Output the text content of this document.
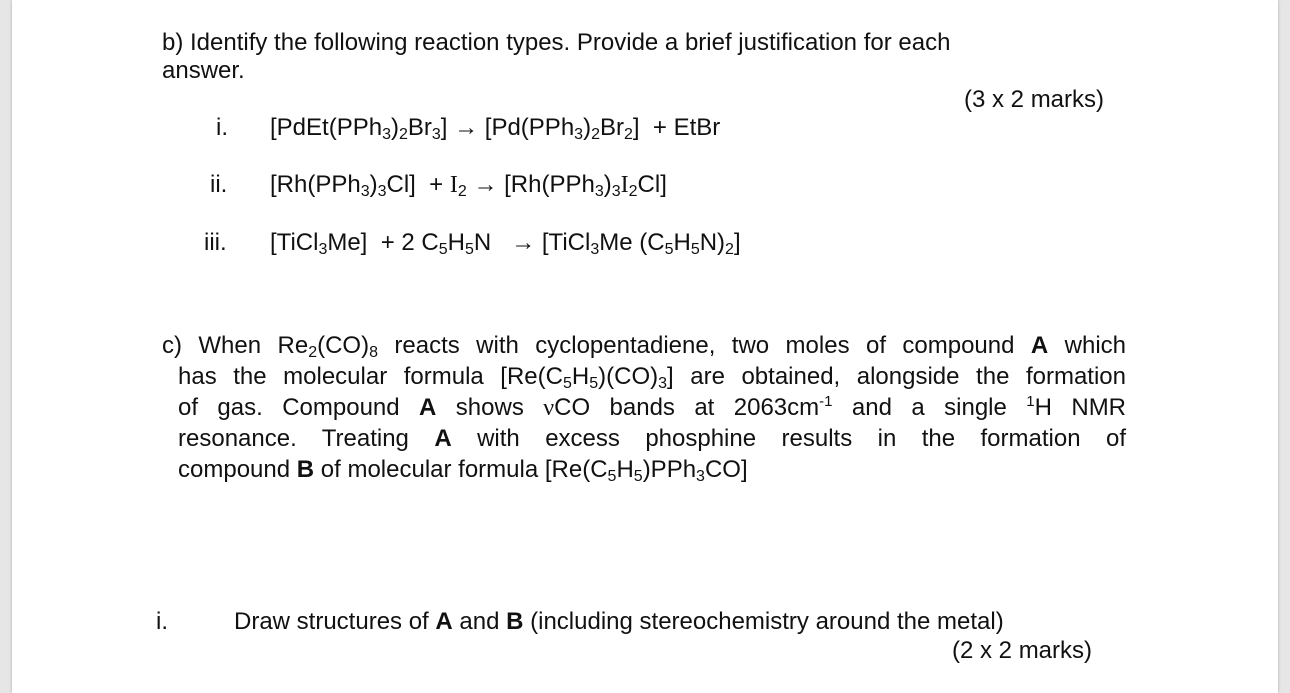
b) Identify the following reaction types. Provide a brief justification for each
answer.
(3 x 2 marks)
i. $[PdEt(PPh_3)_2Br_3] \to [Pd(PPh_3)_2Br_2]$  + EtBr
ii. $[Rh(PPh_3)_3Cl] + I_2 \to [Rh(PPh_3)_3I_2Cl]$
iii. [TiCl$_3$Me]  + 2 $C_5H_5N$   → [TiCl$_3$Me $(C_5H_5N)_2$]
c) When $Re_2(CO)_8$ reacts with cyclopentadiene, two moles of compound A which
has the molecular formula $[Re(C_5H_5)(CO)_3]$ are obtained, alongside the formation
of gas. Compound A shows νCO bands at $2063cm^{-1}$ and a single $^1$H NMR
resonance. Treating A with excess phosphine results in the formation of
compound B of molecular formula $[Re(C_5H_5)PPh_3CO]$
i.	Draw structures of A and B (including stereochemistry around the metal)
(2 x 2 marks)
